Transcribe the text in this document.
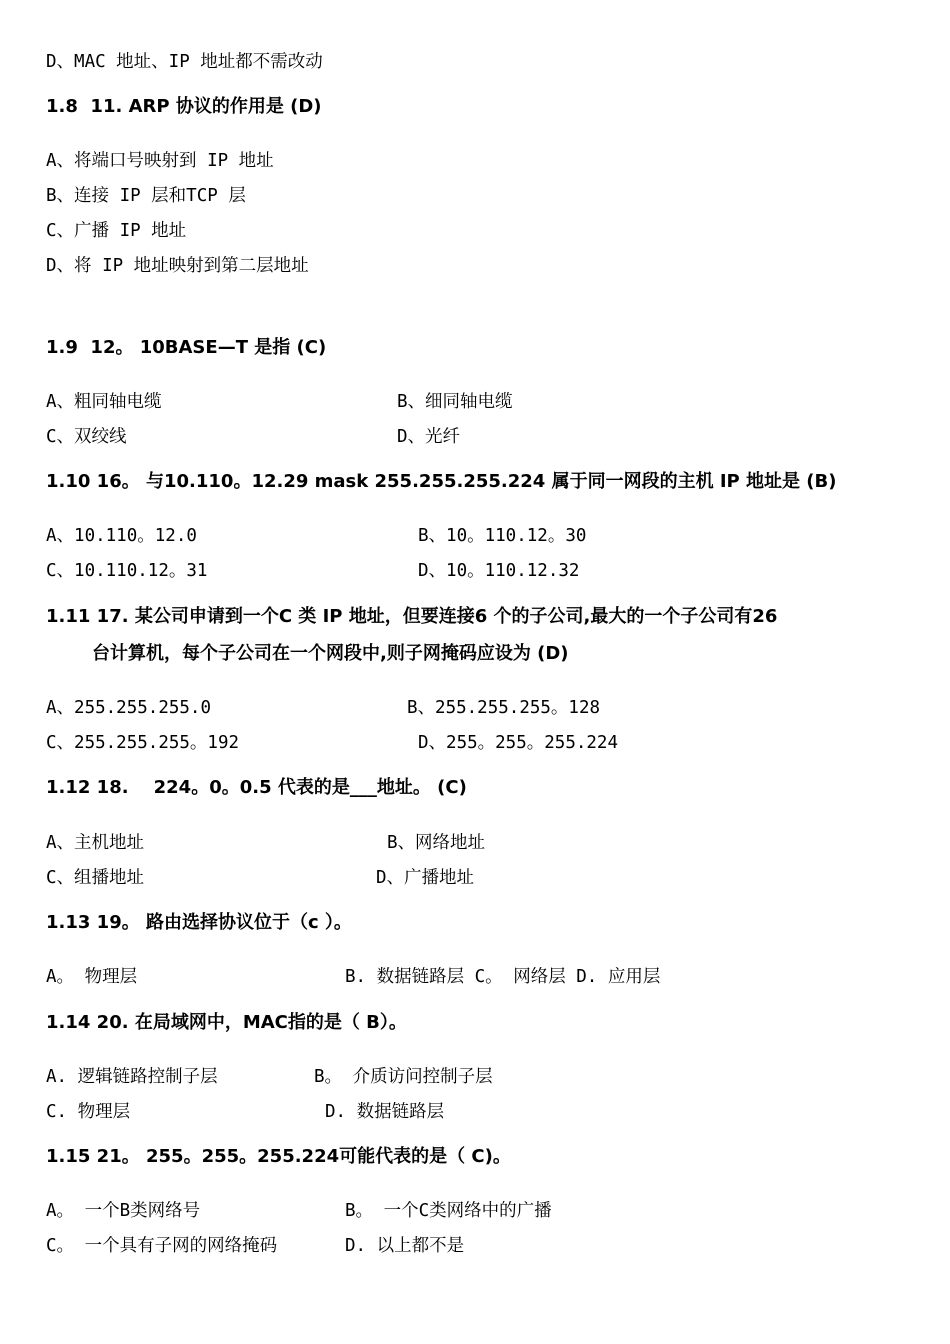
D、MAC 地址、IP 地址都不需改动
1.8  11. ARP 协议的作用是 (D)
A、将端口号映射到 IP 地址
B、连接 IP 层和TCP 层
C、广播 IP 地址
D、将 IP 地址映射到第二层地址
1.9  12。 10BASE—T 是指 (C)
A、粗同轴电缆	B、细同轴电缆
C、双绞线	D、光纤
1.10 16。 与10.110。12.29 mask 255.255.255.224 属于同一网段的主机 IP 地址是 (B)
A、10.110。12.0	B、10。110.12。30
C、10.110.12。31	D、10。110.12.32
1.11 17. 某公司申请到一个C 类 IP 地址，但要连接6 个的子公司,最大的一个子公司有26
台计算机，每个子公司在一个网段中,则子网掩码应设为 (D)
A、255.255.255.0	B、255.255.255。128
C、255.255.255。192	D、255。255。255.224
1.12 18.    224。0。0.5 代表的是___地址。 (C)
A、主机地址	B、网络地址
C、组播地址	D、广播地址
1.13 19。 路由选择协议位于（c ）。
A。 物理层	B. 数据链路层 C。 网络层 D. 应用层
1.14 20. 在局域网中，MAC指的是（ B）。
A. 逻辑链路控制子层	B。 介质访问控制子层
C. 物理层	D. 数据链路层
1.15 21。 255。255。255.224可能代表的是（ C)。
A。 一个B类网络号	B。 一个C类网络中的广播
C。 一个具有子网的网络掩码	D. 以上都不是
